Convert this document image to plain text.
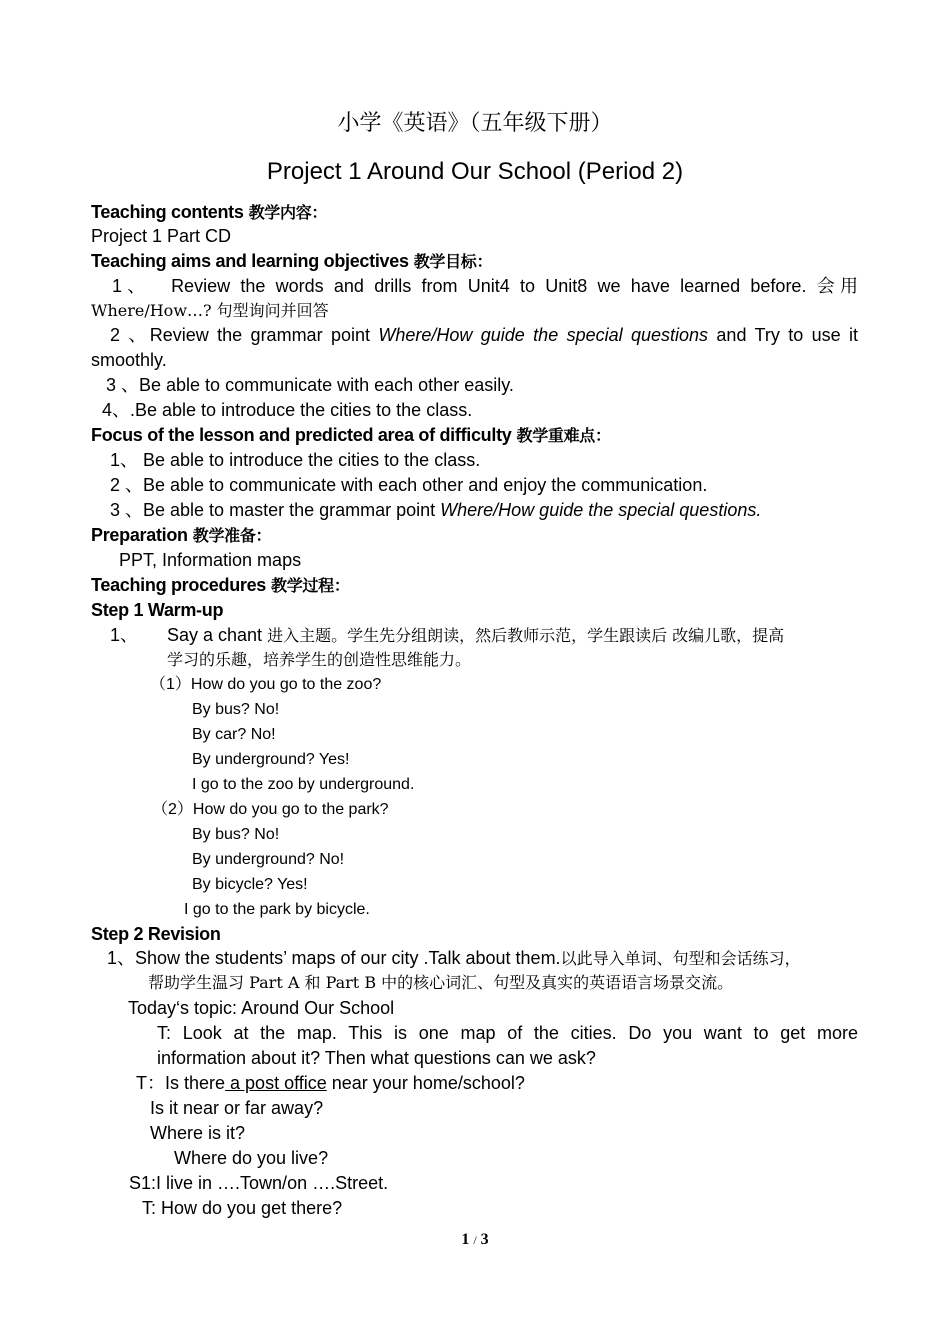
小学《英语》（五年级下册）
Project 1 Around Our School (Period 2)
Teaching contents 教学内容：
Project 1 Part CD
Teaching aims and learning objectives 教学目标：
1、 Review the words and drills from Unit4 to Unit8 we have learned before. 会用
Where/How…? 句型询问并回答
2 、Review the grammar point Where/How guide the special questions and Try to use it
smoothly.
3 、Be able to communicate with each other easily.
4、.Be able to introduce the cities to the class.
Focus of the lesson and predicted area of difficulty 教学重难点：
1、 Be able to introduce the cities to the class.
2 、Be able to communicate with each other and enjoy the communication.
3 、Be able to master the grammar point Where/How guide the special questions.
Preparation 教学准备：
PPT, Information maps
Teaching procedures 教学过程：
Step 1 Warm-up
1、 Say a chant 进入主题。学生先分组朗读，然后教师示范，学生跟读后 改编儿歌，提高
学习的乐趣，培养学生的创造性思维能力。
（1）How do you go to the zoo?
By bus? No!
By car? No!
By underground? Yes!
I go to the zoo by underground.
（2）How do you go to the park?
By bus? No!
By underground? No!
By bicycle? Yes!
I go to the park by bicycle.
Step 2 Revision
1、Show the students’ maps of our city .Talk about them.以此导入单词、句型和会话练习，
帮助学生温习 Part A 和 Part B 中的核心词汇、句型及真实的英语语言场景交流。
Today‘s topic: Around Our School
T: Look at the map. This is one map of the cities. Do you want to get more
information about it? Then what questions can we ask?
T：Is there a post office near your home/school?
Is it near or far away?
Where is it?
Where do you live?
S1:I live in ….Town/on ….Street.
T: How do you get there?
1 / 3
